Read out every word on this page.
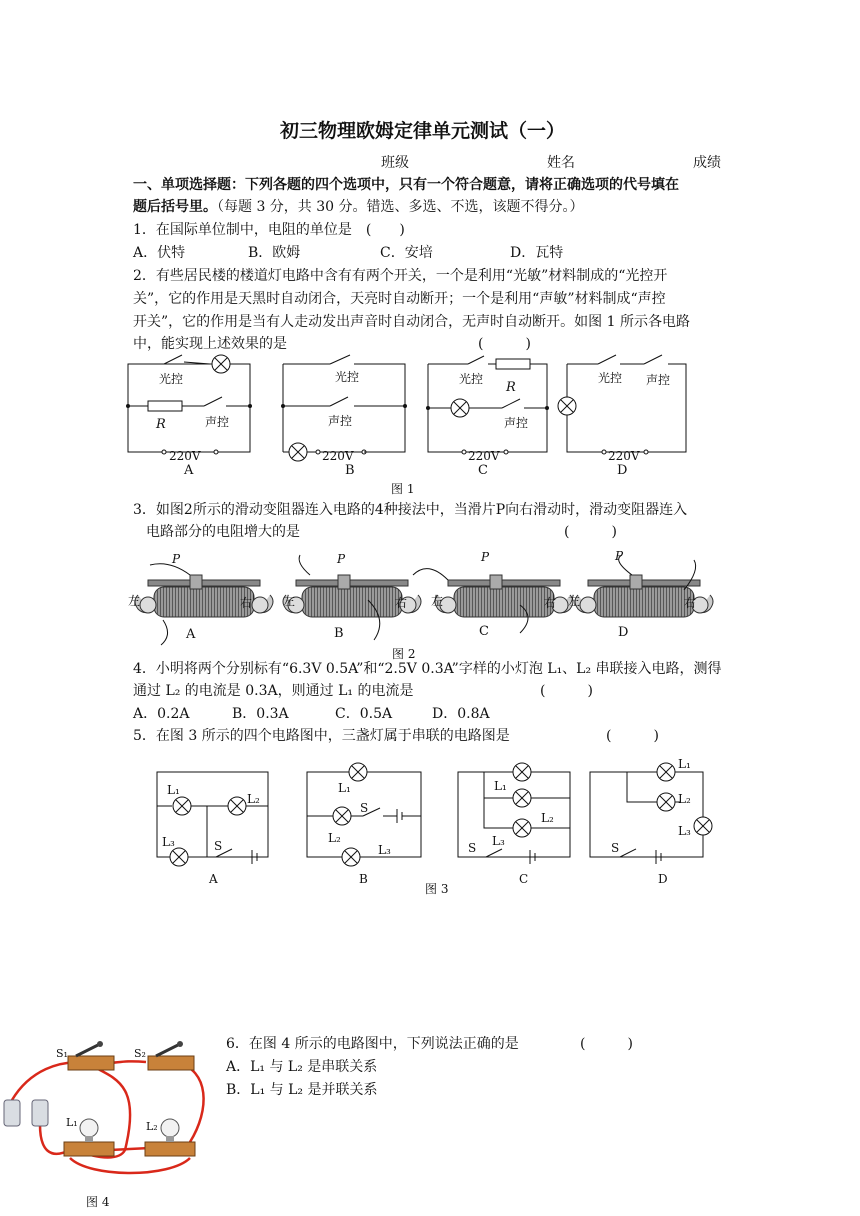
初三物理欧姆定律单元测试（一）
班级	姓名	成绩
一、单项选择题：下列各题的四个选项中，只有一个符合题意，请将正确选项的代号填在
题后括号里。（每题 3 分，共 30 分。错选、多选、不选，该题不得分。）
1．在国际单位制中，电阻的单位是　(　　)
A．伏特	B．欧姆	C．安培	D．瓦特
2．有些居民楼的楼道灯电路中含有有两个开关，一个是利用“光敏”材料制成的“光控开
关”，它的作用是天黑时自动闭合，天亮时自动断开；一个是利用“声敏”材料制成“声控
开关”，它的作用是当有人走动发出声音时自动闭合，无声时自动断开。如图 1 所示各电路
中，能实现上述效果的是	(　　　)
光控
R	声控
220V
A
光控
声控
220V
B
光控
R
声控
220V
C
光控 声控
220V
D
图 1
3．如图2所示的滑动变阻器连入电路的4种接法中，当滑片P向右滑动时，滑动变阻器连入
电路部分的电阻增大的是	(　　　)
P
左	右
A
P
左	右
B
P
左	右
C
P
左	右
D
图 2
4．小明将两个分别标有“6.3V 0.5A”和“2.5V 0.3A”字样的小灯泡 L₁、L₂ 串联接入电路，测得
通过 L₂ 的电流是 0.3A，则通过 L₁ 的电流是	(　　　)
A．0.2A	B．0.3A	C．0.5A	D．0.8A
5．在图 3 所示的四个电路图中，三盏灯属于串联的电路图是	(　　　)
L₁
L₂
L₃	S
A
L₁
S
L₂
L₃
B
L₁
L₂
L₃
S
C
L₁
L₂
L₃
S
D
图 3
6．在图 4 所示的电路图中，下列说法正确的是	(　　　)
A．L₁ 与 L₂ 是串联关系
B．L₁ 与 L₂ 是并联关系
S₁	S₂
L₁	L₂
图 4
